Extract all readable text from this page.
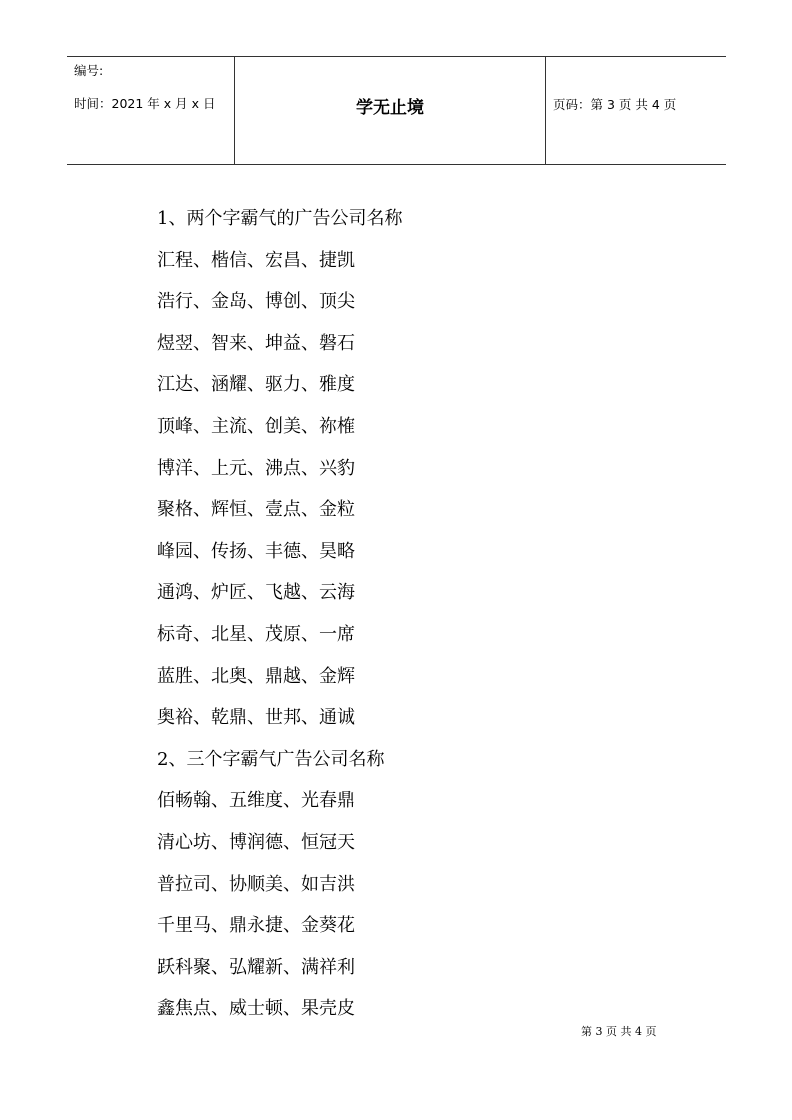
编号:
时间：2021 年 x 月 x 日	学无止境	页码：第 3 页 共 4 页
1、两个字霸气的广告公司名称
汇程、楷信、宏昌、捷凯
浩行、金岛、博创、顶尖
煜翌、智来、坤益、磐石
江达、涵耀、驱力、雅度
顶峰、主流、创美、祢榷
博洋、上元、沸点、兴豹
聚格、辉恒、壹点、金粒
峰园、传扬、丰德、昊略
通鸿、炉匠、飞越、云海
标奇、北星、茂原、一席
蓝胜、北奥、鼎越、金辉
奥裕、乾鼎、世邦、通诚
2、三个字霸气广告公司名称
佰畅翰、五维度、光春鼎
清心坊、博润德、恒冠天
普拉司、协顺美、如吉洪
千里马、鼎永捷、金葵花
跃科聚、弘耀新、满祥利
鑫焦点、威士顿、果壳皮
第 3 页 共 4 页
